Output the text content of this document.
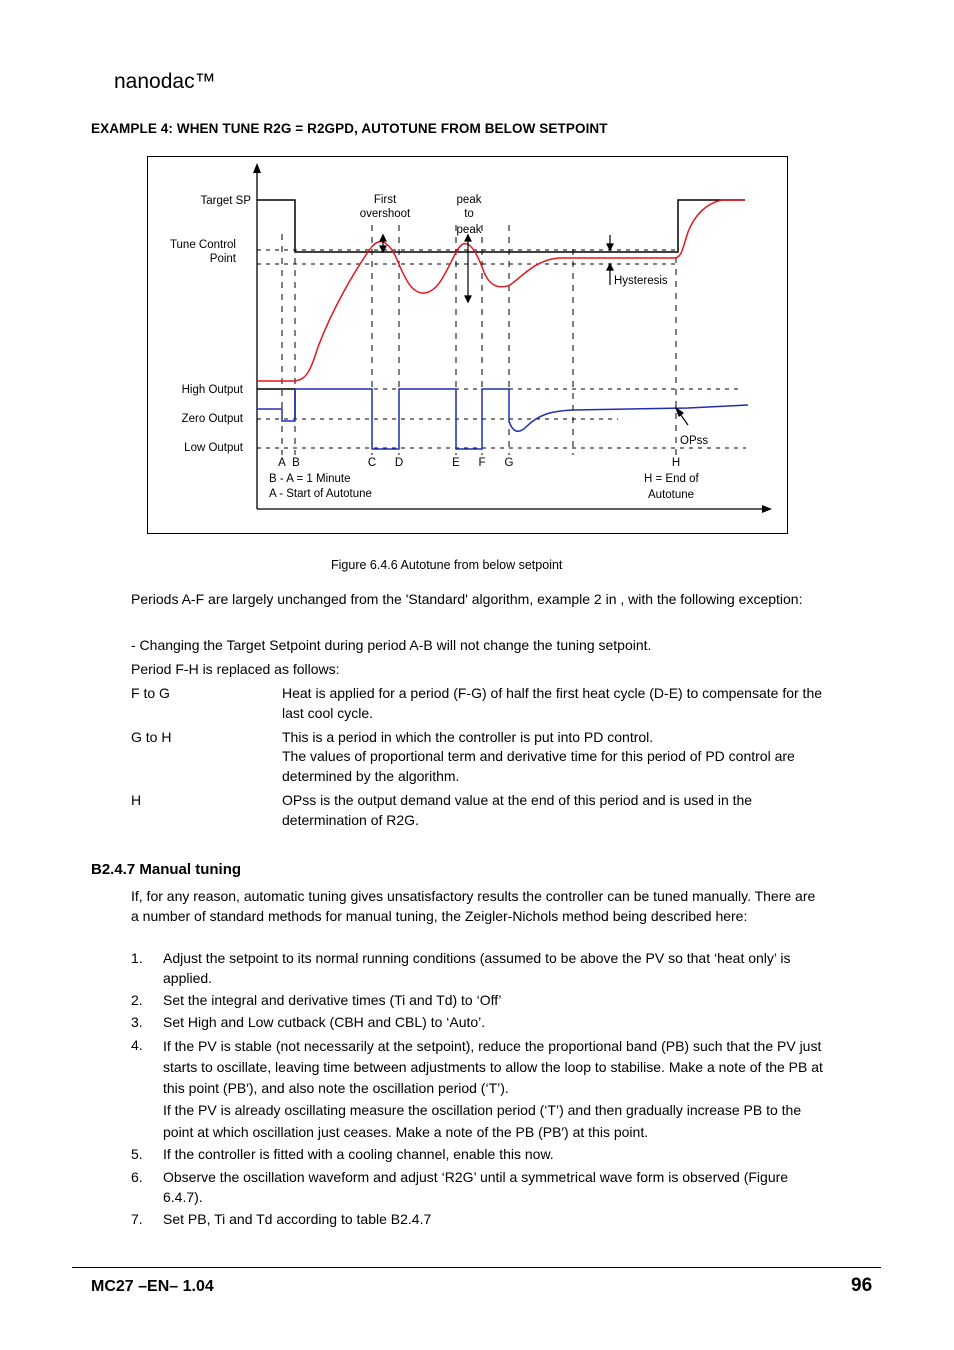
nanodac™
EXAMPLE 4: WHEN TUNE R2G = R2GPD, AUTOTUNE FROM BELOW SETPOINT
Target SP
Tune Control
Point
High Output
Zero Output
Low Output
First
overshoot
peak
to
peak
Hysteresis
OPss
A B	C D	E F G	H
B - A = 1 Minute
A - Start of Autotune
H = End of
Autotune
Figure 6.4.6 Autotune from below setpoint
Periods A-F are largely unchanged from the 'Standard' algorithm, example 2 in , with the following exception:
- Changing the Target Setpoint during period A-B will not change the tuning setpoint.
Period F-H is replaced as follows:
F to G	Heat is applied for a period (F-G) of half the first heat cycle (D-E) to compensate for the last cool cycle.
G to H	This is a period in which the controller is put into PD control.
The values of proportional term and derivative time for this period of PD control are determined by the algorithm.
H	OPss is the output demand value at the end of this period and is used in the determination of R2G.
B2.4.7 Manual tuning
If, for any reason, automatic tuning gives unsatisfactory results the controller can be tuned manually. There are a number of standard methods for manual tuning, the Zeigler-Nichols method being described here:
1.	Adjust the setpoint to its normal running conditions (assumed to be above the PV so that ‘heat only’ is applied.
2.	Set the integral and derivative times (Ti and Td) to ‘Off’
3.	Set High and Low cutback (CBH and CBL) to ‘Auto’.
4.	If the PV is stable (not necessarily at the setpoint), reduce the proportional band (PB) such that the PV just starts to oscillate, leaving time between adjustments to allow the loop to stabilise. Make a note of the PB at this point (PB′), and also note the oscillation period (‘T’).
If the PV is already oscillating measure the oscillation period (‘T’) and then gradually increase PB to the point at which oscillation just ceases. Make a note of the PB (PB′) at this point.
5.	If the controller is fitted with a cooling channel, enable this now.
6.	Observe the oscillation waveform and adjust ‘R2G’ until a symmetrical wave form is observed (Figure 6.4.7).
7.	Set PB, Ti and Td according to table B2.4.7
MC27 –EN– 1.04	96
